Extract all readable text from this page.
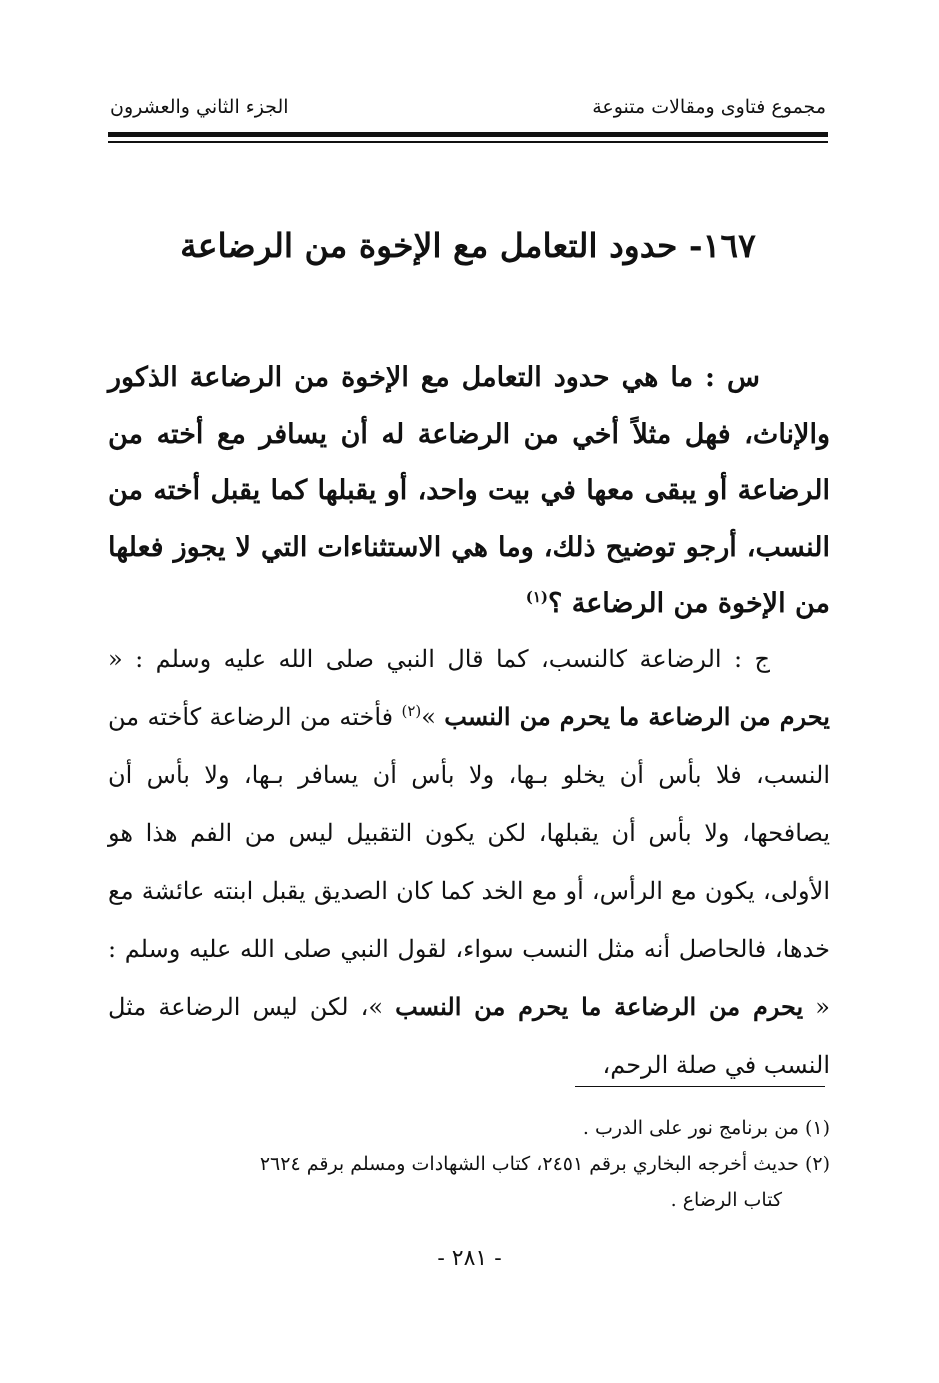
مجموع فتاوى ومقالات متنوعة
الجزء الثاني والعشرون
١٦٧- حدود التعامل مع الإخوة من الرضاعة
س : ما هي حدود التعامل مع الإخوة من الرضاعة الذكور والإناث، فهل مثلاً أخي من الرضاعة له أن يسافر مع أخته من الرضاعة أو يبقى معها في بيت واحد، أو يقبلها كما يقبل أخته من النسب، أرجو توضيح ذلك، وما هي الاستثناءات التي لا يجوز فعلها من الإخوة من الرضاعة ؟$^{(١)}$
ج : الرضاعة كالنسب، كما قال النبي صلى الله عليه وسلم : « يحرم من الرضاعة ما يحرم من النسب »$^{(٢)}$ فأخته من الرضاعة كأخته من النسب، فلا بأس أن يخلو بـها، ولا بأس أن يسافر بـها، ولا بأس أن يصافحها، ولا بأس أن يقبلها، لكن يكون التقبيل ليس من الفم هذا هو الأولى، يكون مع الرأس، أو مع الخد كما كان الصديق يقبل ابنته عائشة مع خدها، فالحاصل أنه مثل النسب سواء، لقول النبي صلى الله عليه وسلم : « يحرم من الرضاعة ما يحرم من النسب »، لكن ليس الرضاعة مثل النسب في صلة الرحم،
(١) من برنامج نور على الدرب .
(٢) حديث أخرجه البخاري برقم ٢٤٥١، كتاب الشهادات ومسلم برقم ٢٦٢٤
كتاب الرضاع .
- ٢٨١ -
